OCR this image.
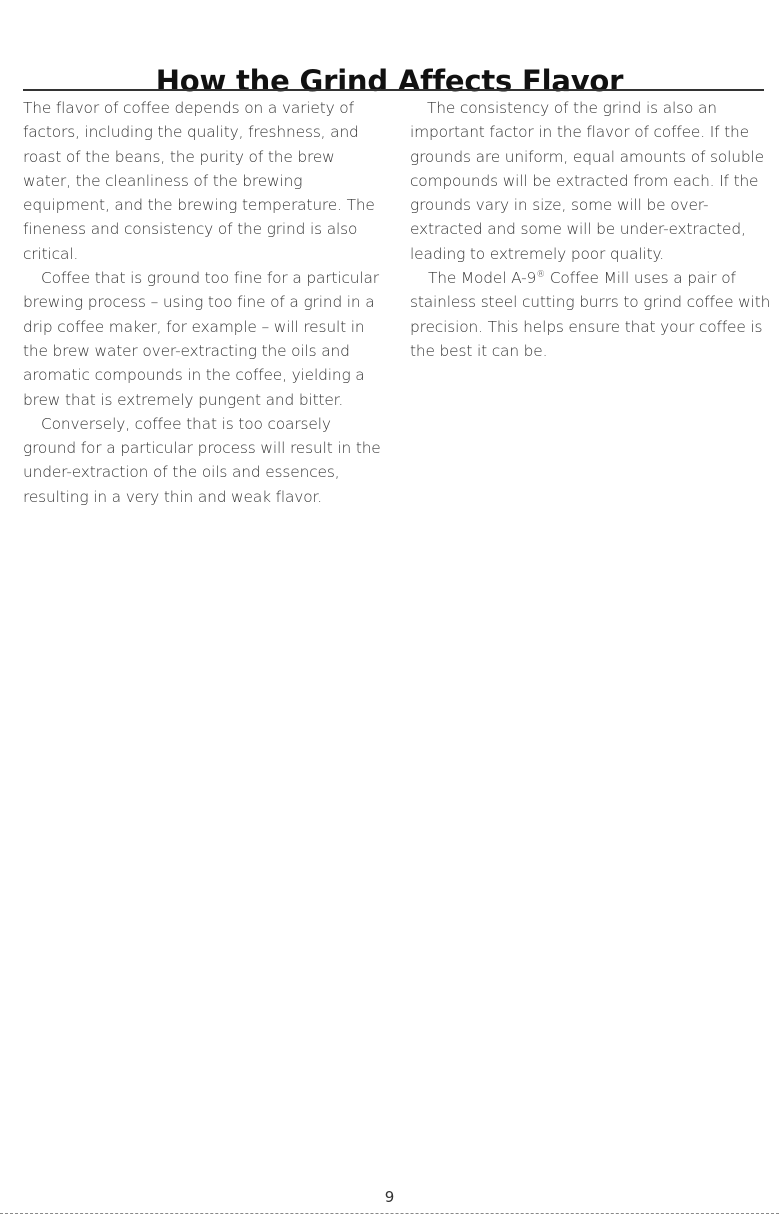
How the Grind Affects Flavor

The flavor of coffee depends on a variety of factors, including the quality, freshness, and roast of the beans, the purity of the brew water, the cleanliness of the brewing equipment, and the brewing temperature. The fineness and consistency of the grind is also critical.

Coffee that is ground too fine for a particular brewing process – using too fine of a grind in a drip coffee maker, for example – will result in the brew water over-extracting the oils and aromatic compounds in the coffee, yielding a brew that is extremely pungent and bitter.

Conversely, coffee that is too coarsely ground for a particular process will result in the under-extraction of the oils and essences, resulting in a very thin and weak flavor.

The consistency of the grind is also an important factor in the flavor of coffee. If the grounds are uniform, equal amounts of soluble compounds will be extracted from each. If the grounds vary in size, some will be over-extracted and some will be under-extracted, leading to extremely poor quality.

The Model A-9® Coffee Mill uses a pair of stainless steel cutting burrs to grind coffee with precision. This helps ensure that your coffee is the best it can be.

9
